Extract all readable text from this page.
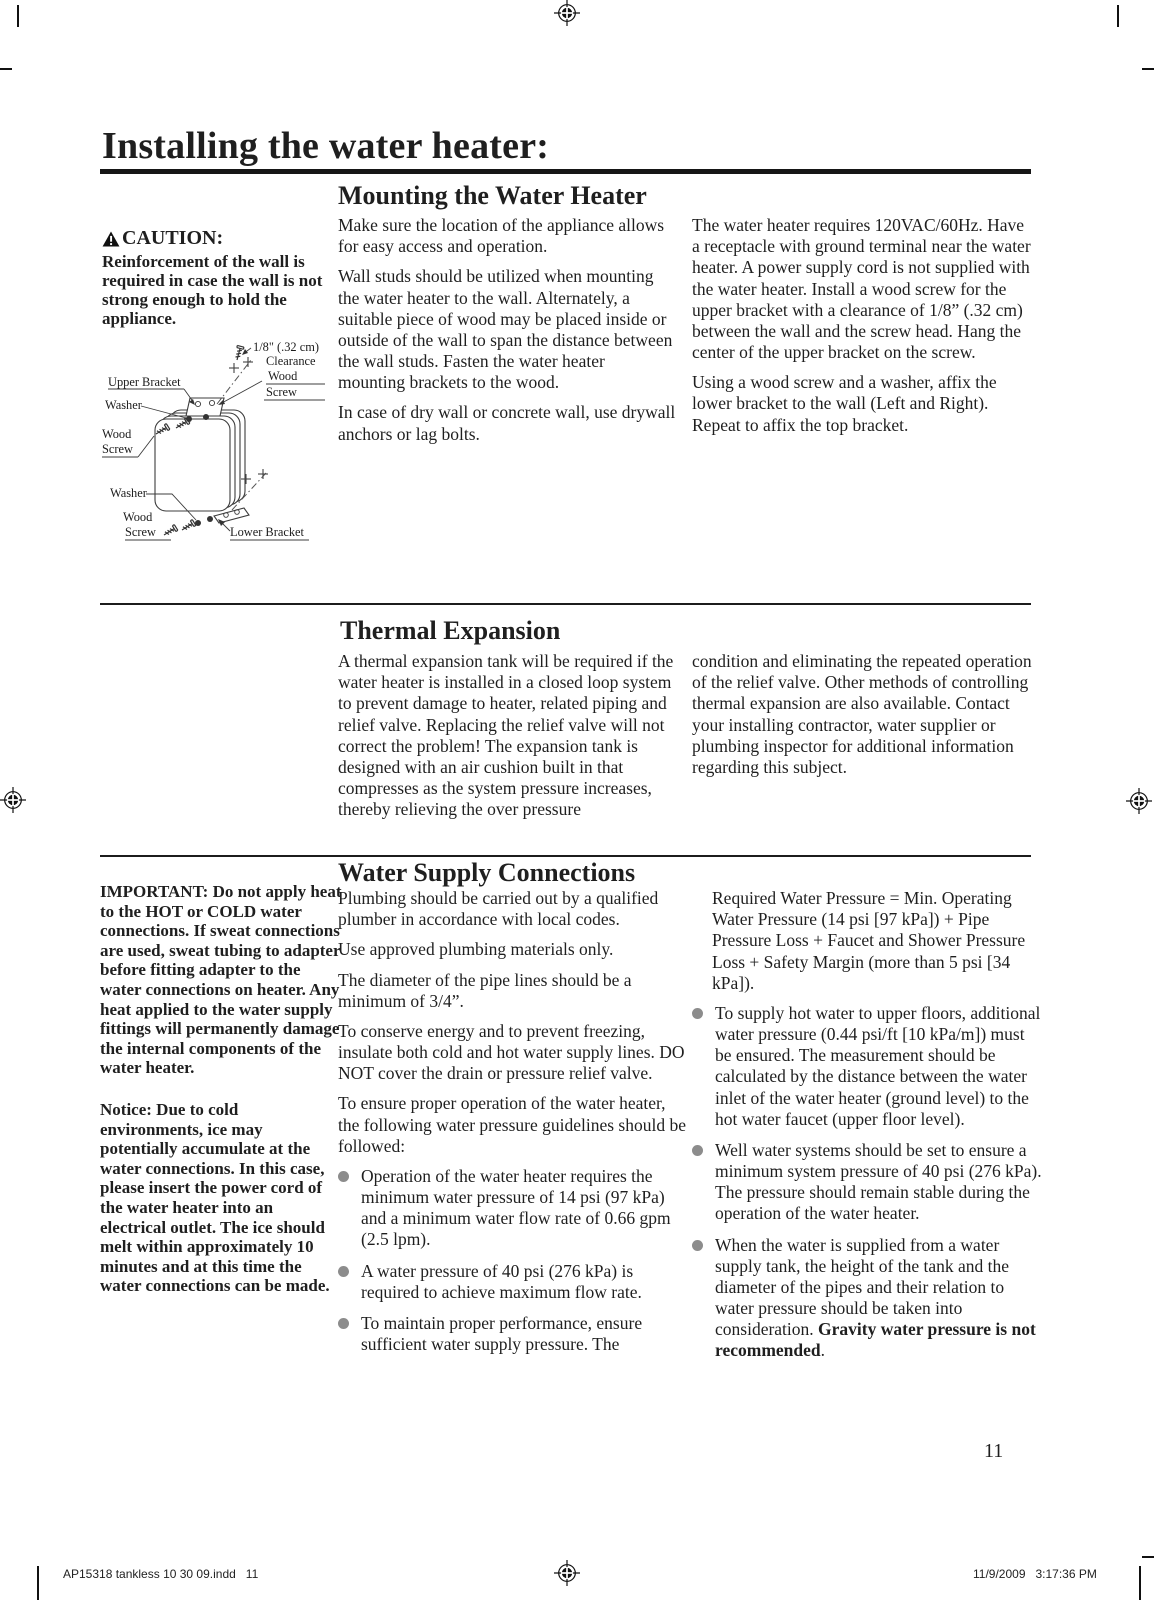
Installing the water heater:
Mounting the Water Heater
CAUTION:
Reinforcement of the wall is required in case the wall is not strong enough to hold the appliance.
1/8" (.32 cm)
Clearance
Wood
Screw
Upper Bracket
Washer
Wood
Screw
Washer
Wood
Screw	Lower Bracket

Make sure the location of the appliance allows for easy access and operation.

Wall studs should be utilized when mounting the water heater to the wall. Alternately, a suitable piece of wood may be placed inside or outside of the wall to span the distance between the wall studs. Fasten the water heater mounting brackets to the wood.

In case of dry wall or concrete wall, use drywall anchors or lag bolts.

The water heater requires 120VAC/60Hz. Have a receptacle with ground terminal near the water heater. A power supply cord is not supplied with the water heater. Install a wood screw for the upper bracket with a clearance of 1/8” (.32 cm) between the wall and the screw head. Hang the center of the upper bracket on the screw.

Using a wood screw and a washer, affix the lower bracket to the wall (Left and Right). Repeat to affix the top bracket.

Thermal Expansion

A thermal expansion tank will be required if the water heater is installed in a closed loop system to prevent damage to heater, related piping and relief valve. Replacing the relief valve will not correct the problem! The expansion tank is designed with an air cushion built in that compresses as the system pressure increases, thereby relieving the over pressure

condition and eliminating the repeated operation of the relief valve. Other methods of controlling thermal expansion are also available. Contact your installing contractor, water supplier or plumbing inspector for additional information regarding this subject.

Water Supply Connections

IMPORTANT: Do not apply heat to the HOT or COLD water connections. If sweat connections are used, sweat tubing to adapter before fitting adapter to the water connections on heater. Any heat applied to the water supply fittings will permanently damage the internal components of the water heater.

Notice: Due to cold environments, ice may potentially accumulate at the water connections. In this case, please insert the power cord of the water heater into an electrical outlet. The ice should melt within approximately 10 minutes and at this time the water connections can be made.

Plumbing should be carried out by a qualified plumber in accordance with local codes.

Use approved plumbing materials only.

The diameter of the pipe lines should be a minimum of 3/4”.

To conserve energy and to prevent freezing, insulate both cold and hot water supply lines. DO NOT cover the drain or pressure relief valve.

To ensure proper operation of the water heater, the following water pressure guidelines should be followed:

Operation of the water heater requires the minimum water pressure of 14 psi (97 kPa) and a minimum water flow rate of 0.66 gpm (2.5 lpm).
A water pressure of 40 psi (276 kPa) is required to achieve maximum flow rate.
To maintain proper performance, ensure sufficient water supply pressure. The

Required Water Pressure = Min. Operating Water Pressure (14 psi [97 kPa]) + Pipe Pressure Loss + Faucet and Shower Pressure Loss + Safety Margin (more than 5 psi [34 kPa]).

To supply hot water to upper floors, additional water pressure (0.44 psi/ft [10 kPa/m]) must be ensured. The measurement should be calculated by the distance between the water inlet of the water heater (ground level) to the hot water faucet (upper floor level).
Well water systems should be set to ensure a minimum system pressure of 40 psi (276 kPa). The pressure should remain stable during the operation of the water heater.
When the water is supplied from a water supply tank, the height of the tank and the diameter of the pipes and their relation to water pressure should be taken into consideration. Gravity water pressure is not recommended.
11
AP15318 tankless 10 30 09.indd   11	11/9/2009   3:17:36 PM
